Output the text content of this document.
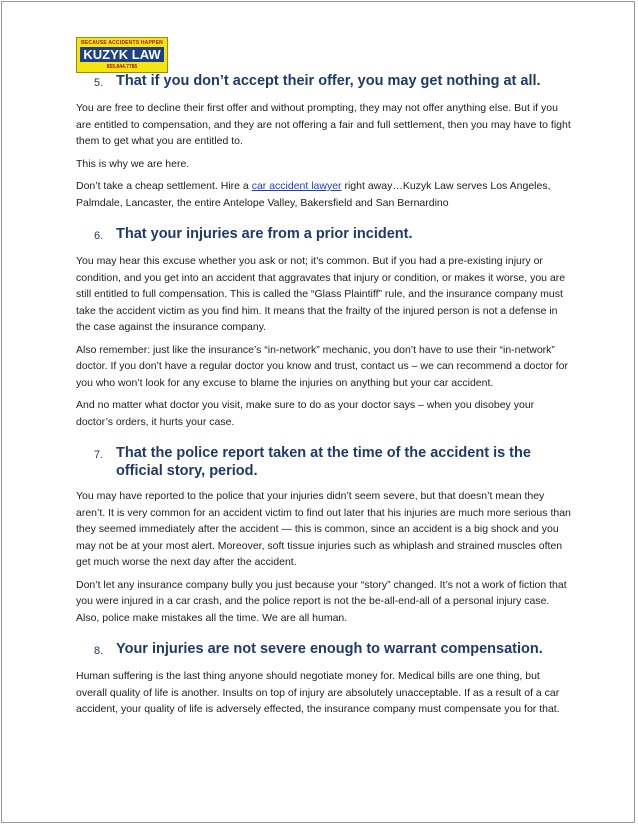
BECAUSE ACCIDENTS HAPPEN
KUZYK LAW
855.844.7785
5. That if you don’t accept their offer, you may get nothing at all.

You are free to decline their first offer and without prompting, they may not offer anything else. But if you are entitled to compensation, and they are not offering a fair and full settlement, then you may have to fight them to get what you are entitled to.

This is why we are here.

Don’t take a cheap settlement. Hire a car accident lawyer right away…Kuzyk Law serves Los Angeles, Palmdale, Lancaster, the entire Antelope Valley, Bakersfield and San Bernardino

6. That your injuries are from a prior incident.

You may hear this excuse whether you ask or not; it’s common. But if you had a pre-existing injury or condition, and you get into an accident that aggravates that injury or condition, or makes it worse, you are still entitled to full compensation. This is called the “Glass Plaintiff” rule, and the insurance company must take the accident victim as you find him. It means that the frailty of the injured person is not a defense in the case against the insurance company.

Also remember: just like the insurance’s “in-network” mechanic, you don’t have to use their “in-network” doctor. If you don’t have a regular doctor you know and trust, contact us – we can recommend a doctor for you who won’t look for any excuse to blame the injuries on anything but your car accident.

And no matter what doctor you visit, make sure to do as your doctor says – when you disobey your doctor’s orders, it hurts your case.

7. That the police report taken at the time of the accident is the official story, period.

You may have reported to the police that your injuries didn’t seem severe, but that doesn’t mean they aren’t. It is very common for an accident victim to find out later that his injuries are much more serious than they seemed immediately after the accident — this is common, since an accident is a big shock and you may not be at your most alert. Moreover, soft tissue injuries such as whiplash and strained muscles often get much worse the next day after the accident.

Don’t let any insurance company bully you just because your “story” changed. It’s not a work of fiction that you were injured in a car crash, and the police report is not the be-all-end-all of a personal injury case. Also, police make mistakes all the time. We are all human.

8. Your injuries are not severe enough to warrant compensation.

Human suffering is the last thing anyone should negotiate money for. Medical bills are one thing, but overall quality of life is another. Insults on top of injury are absolutely unacceptable. If as a result of a car accident, your quality of life is adversely effected, the insurance company must compensate you for that.
